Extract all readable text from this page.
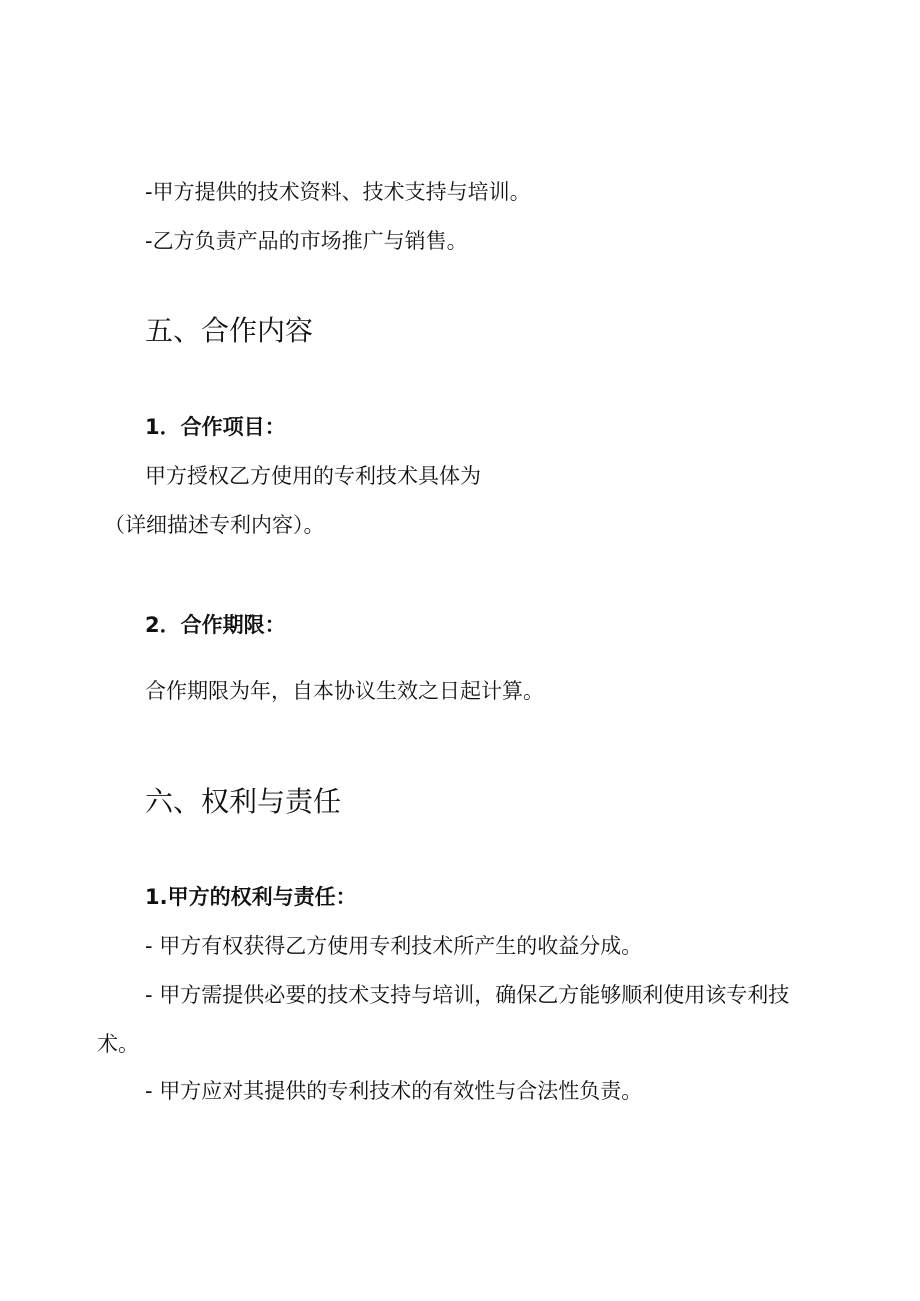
-甲方提供的技术资料、技术支持与培训。
-乙方负责产品的市场推广与销售。
五、合作内容
1．合作项目：
甲方授权乙方使用的专利技术具体为
（详细描述专利内容）。
2．合作期限：
合作期限为年，自本协议生效之日起计算。
六、权利与责任
1.甲方的权利与责任：
- 甲方有权获得乙方使用专利技术所产生的收益分成。
- 甲方需提供必要的技术支持与培训，确保乙方能够顺利使用该专利技
术。
- 甲方应对其提供的专利技术的有效性与合法性负责。
